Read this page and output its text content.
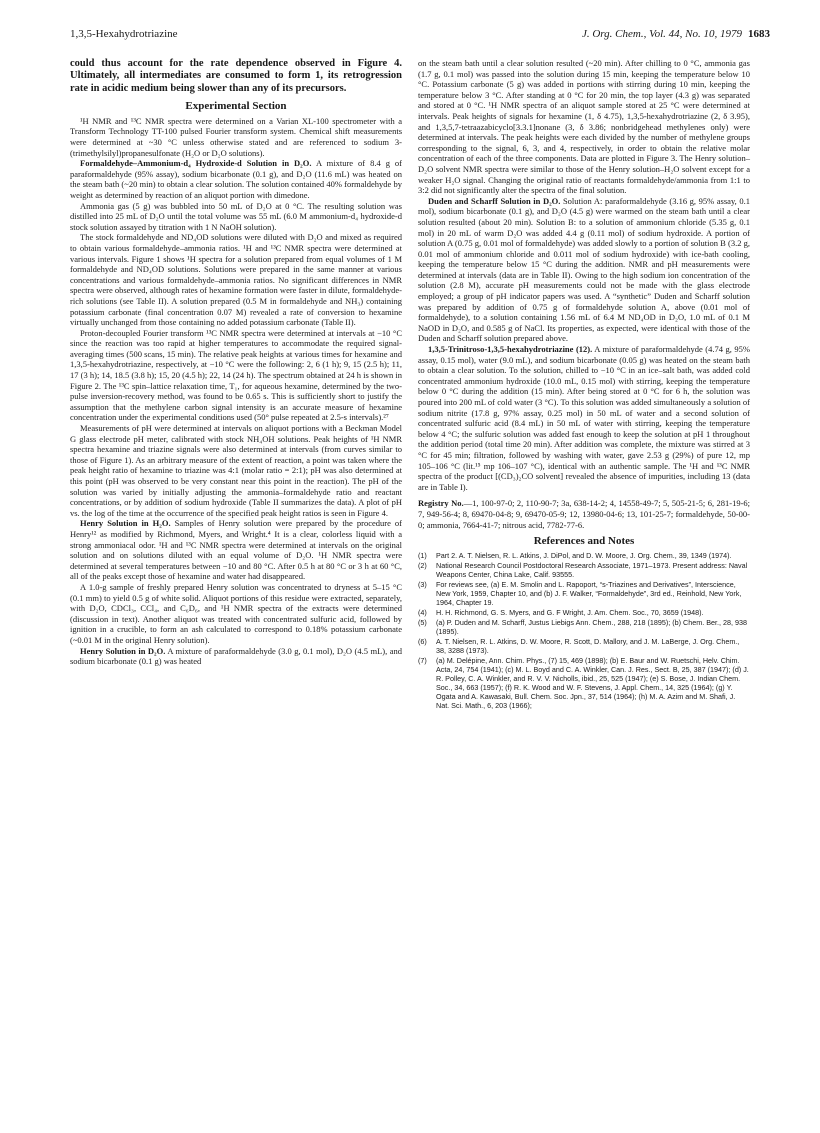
1,3,5-Hexahydrotriazine	J. Org. Chem., Vol. 44, No. 10, 1979 1683

could thus account for the rate dependence observed in Figure 4. Ultimately, all intermediates are consumed to form 1, its retrogression rate in acidic medium being slower than any of its precursors.

Experimental Section

¹H NMR and ¹³C NMR spectra were determined on a Varian XL-100 spectrometer with a Transform Technology TT-100 pulsed Fourier transform system. Chemical shift measurements were determined at ~30 °C unless otherwise stated and are referenced to sodium 3-(trimethylsilyl)propanesulfonate (H₂O or D₂O solutions).

Formaldehyde–Ammonium-d₄ Hydroxide-d Solution in D₂O. A mixture of 8.4 g of paraformaldehyde (95% assay), sodium bicarbonate (0.1 g), and D₂O (11.6 mL) was heated on the steam bath (~20 min) to obtain a clear solution. The solution contained 40% formaldehyde by weight as determined by reaction of an aliquot portion with dimedone.

Ammonia gas (5 g) was bubbled into 50 mL of D₂O at 0 °C. The resulting solution was distilled into 25 mL of D₂O until the total volume was 55 mL (6.0 M ammonium-d₄ hydroxide-d stock solution assayed by titration with 1 N NaOH solution).

The stock formaldehyde and ND₄OD solutions were diluted with D₂O and mixed as required to obtain various formaldehyde–ammonia ratios. ¹H and ¹³C NMR spectra were determined at various intervals. Figure 1 shows ¹H spectra for a solution prepared from equal volumes of 1 M formaldehyde and ND₄OD solutions. Solutions were prepared in the same manner at various concentrations and various formaldehyde–ammonia ratios. No significant differences in NMR spectra were observed, although rates of hexamine formation were faster in dilute, formaldehyde-rich solutions (see Table II). A solution prepared (0.5 M in formaldehyde and NH₃) containing potassium carbonate (final concentration 0.07 M) revealed a rate of conversion to hexamine virtually unchanged from those containing no added potassium carbonate (Table II).

Proton-decoupled Fourier transform ¹³C NMR spectra were determined at intervals at −10 °C since the reaction was too rapid at higher temperatures to accommodate the required signal-averaging times (500 scans, 15 min). The relative peak heights at various times for hexamine and 1,3,5-hexahydrotriazine, respectively, at −10 °C were the following: 2, 6 (1 h); 9, 15 (2.5 h); 11, 17 (3 h); 14, 18.5 (3.8 h); 15, 20 (4.5 h); 22, 14 (24 h). The spectrum obtained at 24 h is shown in Figure 2. The ¹³C spin–lattice relaxation time, T₁, for aqueous hexamine, determined by the two-pulse inversion-recovery method, was found to be 0.65 s. This is sufficiently short to justify the assumption that the methylene carbon signal intensity is an accurate measure of hexamine concentration under the experimental conditions used (50° pulse repeated at 2.5-s intervals).²⁷

Measurements of pH were determined at intervals on aliquot portions with a Beckman Model G glass electrode pH meter, calibrated with stock NH₄OH solutions. Peak heights of ¹H NMR spectra hexamine and triazine signals were also determined at intervals (from curves similar to those of Figure 1). As an arbitrary measure of the extent of reaction, a point was taken where the peak height ratio of hexamine to triazine was 4:1 (molar ratio = 2:1); pH was also determined at this point (pH was observed to be very constant near this point in the reaction). The pH of the solution was varied by initially adjusting the ammonia–formaldehyde ratio and reactant concentrations, or by addition of sodium hydroxide (Table II summarizes the data). A plot of pH vs. the log of the time at the occurrence of the specified peak height ratios is seen in Figure 4.

Henry Solution in H₂O. Samples of Henry solution were prepared by the procedure of Henry¹² as modified by Richmond, Myers, and Wright.⁴ It is a clear, colorless liquid with a strong ammoniacal odor. ¹H and ¹³C NMR spectra were determined at intervals on the original solution and on solutions diluted with an equal volume of D₂O. ¹H NMR spectra were determined at several temperatures between −10 and 80 °C. After 0.5 h at 80 °C or 3 h at 60 °C, all of the peaks except those of hexamine and water had disappeared.

A 1.0-g sample of freshly prepared Henry solution was concentrated to dryness at 5–15 °C (0.1 mm) to yield 0.5 g of white solid. Aliquot portions of this residue were extracted, separately, with D₂O, CDCl₃, CCl₄, and C₆D₆, and ¹H NMR spectra of the extracts were determined (discussion in text). Another aliquot was treated with concentrated sulfuric acid, followed by ignition in a crucible, to form an ash calculated to correspond to 0.18% potassium carbonate (~0.01 M in the original Henry solution).

Henry Solution in D₂O. A mixture of paraformaldehyde (3.0 g, 0.1 mol), D₂O (4.5 mL), and sodium bicarbonate (0.1 g) was heated

on the steam bath until a clear solution resulted (~20 min). After chilling to 0 °C, ammonia gas (1.7 g, 0.1 mol) was passed into the solution during 15 min, keeping the temperature below 10 °C. Potassium carbonate (5 g) was added in portions with stirring during 10 min, keeping the temperature below 3 °C. After standing at 0 °C for 20 min, the top layer (4.3 g) was separated and stored at 0 °C. ¹H NMR spectra of an aliquot sample stored at 25 °C were determined at intervals. Peak heights of signals for hexamine (1, δ 4.75), 1,3,5-hexahydrotriazine (2, δ 3.95), and 1,3,5,7-tetraazabicyclo[3.3.1]nonane (3, δ 3.86; nonbridgehead methylenes only) were determined at intervals. The peak heights were each divided by the number of methylene groups corresponding to the signal, 6, 3, and 4, respectively, in order to obtain the relative molar concentration of each of the three components. Data are plotted in Figure 3. The Henry solution–D₂O solvent NMR spectra were similar to those of the Henry solution–H₂O solvent except for a weaker H₂O signal. Changing the original ratio of reactants formaldehyde/ammonia from 1:1 to 3:2 did not significantly alter the spectra of the final solution.

Duden and Scharff Solution in D₂O. Solution A: paraformaldehyde (3.16 g, 95% assay, 0.1 mol), sodium bicarbonate (0.1 g), and D₂O (4.5 g) were warmed on the steam bath until a clear solution resulted (about 20 min). Solution B: to a solution of ammonium chloride (5.35 g, 0.1 mol) in 20 mL of warm D₂O was added 4.4 g (0.11 mol) of sodium hydroxide. A portion of solution A (0.75 g, 0.01 mol of formaldehyde) was added slowly to a portion of solution B (3.2 g, 0.01 mol of ammonium chloride and 0.011 mol of sodium hydroxide) with ice-bath cooling, keeping the temperature below 15 °C during the addition. NMR and pH measurements were determined at intervals (data are in Table II). Owing to the high sodium ion concentration of the solution (2.8 M), accurate pH measurements could not be made with the glass electrode employed; a group of pH indicator papers was used. A “synthetic” Duden and Scharff solution was prepared by addition of 0.75 g of formaldehyde solution A, above (0.01 mol of formaldehyde), to a solution containing 1.56 mL of 6.4 M ND₄OD in D₂O, 1.0 mL of 0.1 M NaOD in D₂O, and 0.585 g of NaCl. Its properties, as expected, were identical with those of the Duden and Scharff solution prepared above.

1,3,5-Trinitroso-1,3,5-hexahydrotriazine (12). A mixture of paraformaldehyde (4.74 g, 95% assay, 0.15 mol), water (9.0 mL), and sodium bicarbonate (0.05 g) was heated on the steam bath to obtain a clear solution. To the solution, chilled to −10 °C in an ice–salt bath, was added cold concentrated ammonium hydroxide (10.0 mL, 0.15 mol) with stirring, keeping the temperature below 0 °C during the addition (15 min). After being stored at 0 °C for 6 h, the solution was poured into 200 mL of cold water (3 °C). To this solution was added simultaneously a solution of sodium nitrite (17.8 g, 97% assay, 0.25 mol) in 50 mL of water and a second solution of concentrated sulfuric acid (8.4 mL) in 50 mL of water with stirring, keeping the temperature below 4 °C; the sulfuric solution was added fast enough to keep the solution at pH 1 throughout the addition period (total time 20 min). After addition was complete, the mixture was stirred at 3 °C for 45 min; filtration, followed by washing with water, gave 2.53 g (29%) of pure 12, mp 105–106 °C (lit.¹⁵ mp 106–107 °C), identical with an authentic sample. The ¹H and ¹³C NMR spectra of the product [(CD₃)₂CO solvent] revealed the absence of impurities, including 13 (data are in Table I).

Registry No.—1, 100-97-0; 2, 110-90-7; 3a, 638-14-2; 4, 14558-49-7; 5, 505-21-5; 6, 281-19-6; 7, 949-56-4; 8, 69470-04-8; 9, 69470-05-9; 12, 13980-04-6; 13, 101-25-7; formaldehyde, 50-00-0; ammonia, 7664-41-7; nitrous acid, 7782-77-6.

References and Notes
(1)	Part 2. A. T. Nielsen, R. L. Atkins, J. DiPol, and D. W. Moore, J. Org. Chem., 39, 1349 (1974).
(2)	National Research Council Postdoctoral Research Associate, 1971–1973. Present address: Naval Weapons Center, China Lake, Calif. 93555.
(3)	For reviews see, (a) E. M. Smolin and L. Rapoport, “s-Triazines and Derivatives”, Interscience, New York, 1959, Chapter 10, and (b) J. F. Walker, “Formaldehyde”, 3rd ed., Reinhold, New York, 1964, Chapter 19.
(4)	H. H. Richmond, G. S. Myers, and G. F Wright, J. Am. Chem. Soc., 70, 3659 (1948).
(5)	(a) P. Duden and M. Scharff, Justus Liebigs Ann. Chem., 288, 218 (1895); (b) Chem. Ber., 28, 938 (1895).
(6)	A. T. Nielsen, R. L. Atkins, D. W. Moore, R. Scott, D. Mallory, and J. M. LaBerge, J. Org. Chem., 38, 3288 (1973).
(7)	(a) M. Delépine, Ann. Chim. Phys., (7) 15, 469 (1898); (b) E. Baur and W. Ruetschi, Helv. Chim. Acta, 24, 754 (1941); (c) M. L. Boyd and C. A. Winkler, Can. J. Res., Sect. B, 25, 387 (1947); (d) J. R. Polley, C. A. Winkler, and R. V. V. Nicholls, ibid., 25, 525 (1947); (e) S. Bose, J. Indian Chem. Soc., 34, 663 (1957); (f) R. K. Wood and W. F. Stevens, J. Appl. Chem., 14, 325 (1964); (g) Y. Ogata and A. Kawasaki, Bull. Chem. Soc. Jpn., 37, 514 (1964); (h) M. A. Azim and M. Shafi, J. Nat. Sci. Math., 6, 203 (1966);
